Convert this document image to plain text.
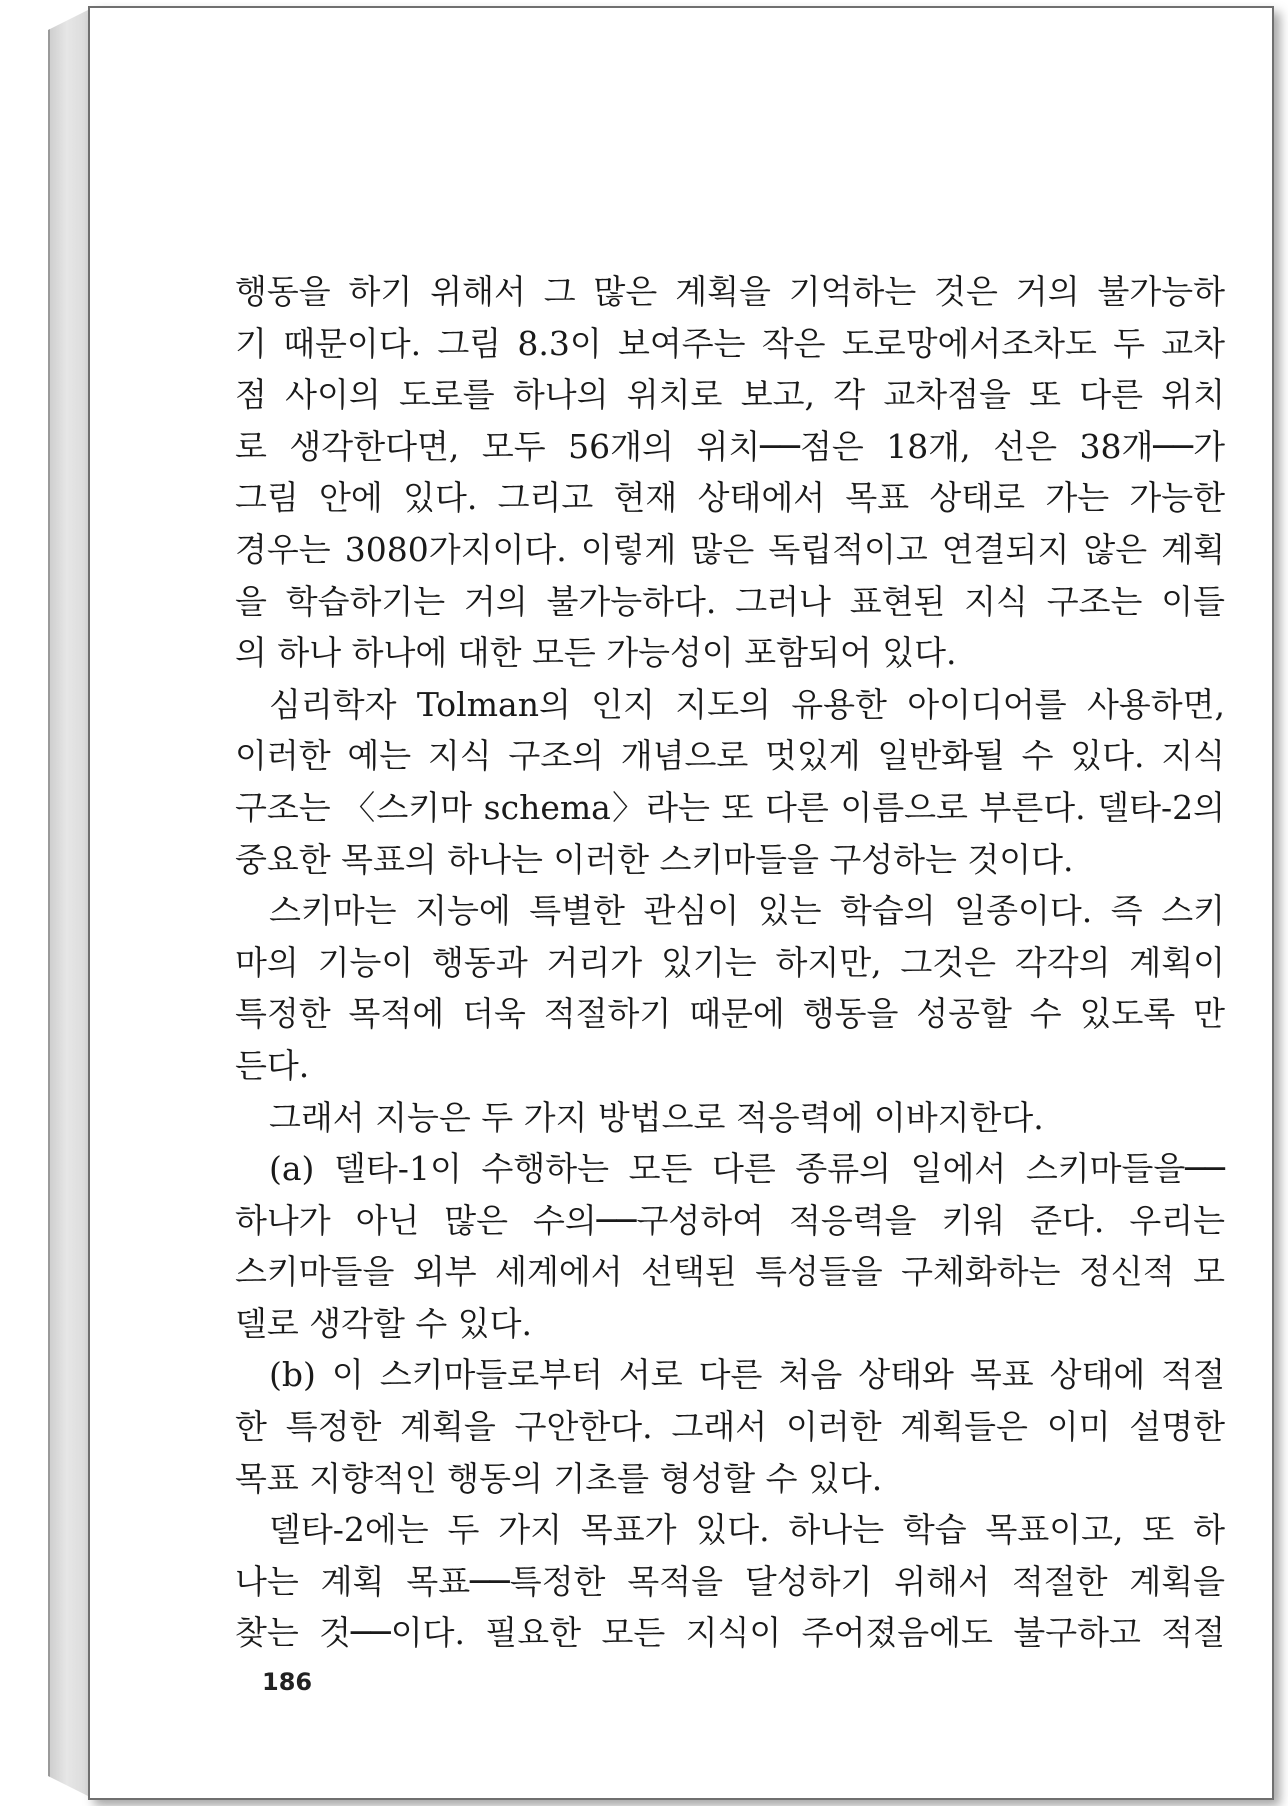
행동을 하기 위해서 그 많은 계획을 기억하는 것은 거의 불가능하
기 때문이다. 그림 8.3이 보여주는 작은 도로망에서조차도 두 교차
점 사이의 도로를 하나의 위치로 보고, 각 교차점을 또 다른 위치
로 생각한다면, 모두 56개의 위치──점은 18개, 선은 38개──가
그림 안에 있다. 그리고 현재 상태에서 목표 상태로 가는 가능한
경우는 3080가지이다. 이렇게 많은 독립적이고 연결되지 않은 계획
을 학습하기는 거의 불가능하다. 그러나 표현된 지식 구조는 이들
의 하나 하나에 대한 모든 가능성이 포함되어 있다.
심리학자 Tolman의 인지 지도의 유용한 아이디어를 사용하면,
이러한 예는 지식 구조의 개념으로 멋있게 일반화될 수 있다. 지식
구조는 〈스키마 schema〉라는 또 다른 이름으로 부른다. 델타-2의
중요한 목표의 하나는 이러한 스키마들을 구성하는 것이다.
스키마는 지능에 특별한 관심이 있는 학습의 일종이다. 즉 스키
마의 기능이 행동과 거리가 있기는 하지만, 그것은 각각의 계획이
특정한 목적에 더욱 적절하기 때문에 행동을 성공할 수 있도록 만
든다.
그래서 지능은 두 가지 방법으로 적응력에 이바지한다.
(a) 델타-1이 수행하는 모든 다른 종류의 일에서 스키마들을──
하나가 아닌 많은 수의──구성하여 적응력을 키워 준다. 우리는
스키마들을 외부 세계에서 선택된 특성들을 구체화하는 정신적 모
델로 생각할 수 있다.
(b) 이 스키마들로부터 서로 다른 처음 상태와 목표 상태에 적절
한 특정한 계획을 구안한다. 그래서 이러한 계획들은 이미 설명한
목표 지향적인 행동의 기초를 형성할 수 있다.
델타-2에는 두 가지 목표가 있다. 하나는 학습 목표이고, 또 하
나는 계획 목표──특정한 목적을 달성하기 위해서 적절한 계획을
찾는 것──이다. 필요한 모든 지식이 주어졌음에도 불구하고 적절
186
